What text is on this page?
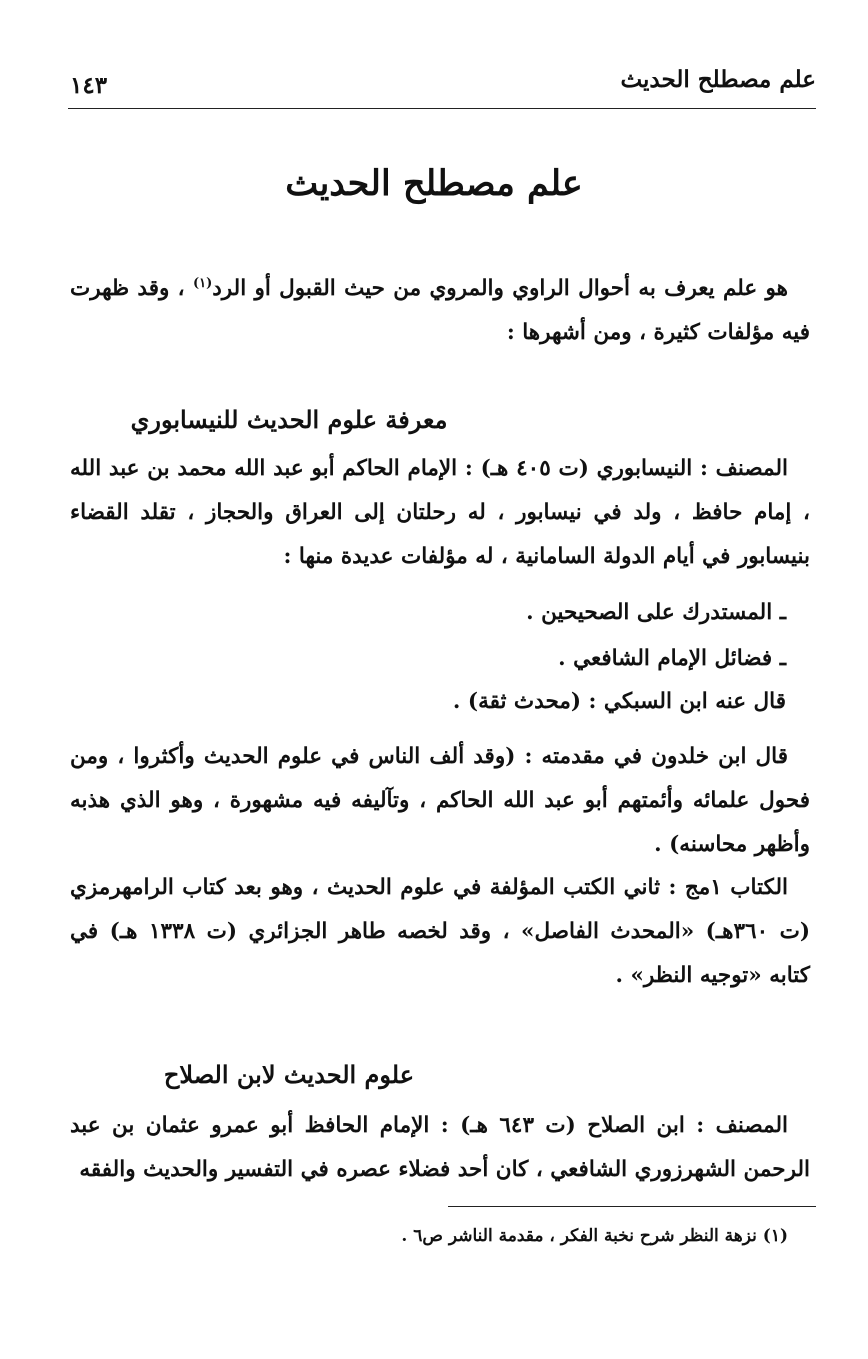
علم مصطلح الحديث
١٤٣
علم مصطلح الحديث

هو علم يعرف به أحوال الراوي والمروي من حيث القبول أو الرد$^{(١)}$ ، وقد ظهرت فيه مؤلفات كثيرة ، ومن أشهرها :

معرفة علوم الحديث للنيسابوري

المصنف : النيسابوري (ت ٤٠٥ هـ) : الإمام الحاكم أبو عبد الله محمد بن عبد الله ، إمام حافظ ، ولد في نيسابور ، له رحلتان إلى العراق والحجاز ، تقلد القضاء بنيسابور في أيام الدولة السامانية ، له مؤلفات عديدة منها :

ـ المستدرك على الصحيحين .
ـ فضائل الإمام الشافعي .
قال عنه ابن السبكي : (محدث ثقة) .

قال ابن خلدون في مقدمته : (وقد ألف الناس في علوم الحديث وأكثروا ، ومن فحول علمائه وأئمتهم أبو عبد الله الحاكم ، وتآليفه فيه مشهورة ، وهو الذي هذبه وأظهر محاسنه) .

الكتاب ١مج : ثاني الكتب المؤلفة في علوم الحديث ، وهو بعد كتاب الرامهرمزي (ت ٣٦٠هـ) «المحدث الفاصل» ، وقد لخصه طاهر الجزائري (ت ١٣٣٨ هـ) في كتابه «توجيه النظر» .

علوم الحديث لابن الصلاح

المصنف : ابن الصلاح (ت ٦٤٣ هـ) : الإمام الحافظ أبو عمرو عثمان بن عبد الرحمن الشهرزوري الشافعي ، كان أحد فضلاء عصره في التفسير والحديث والفقه

(١) نزهة النظر شرح نخبة الفكر ، مقدمة الناشر ص٦ .
